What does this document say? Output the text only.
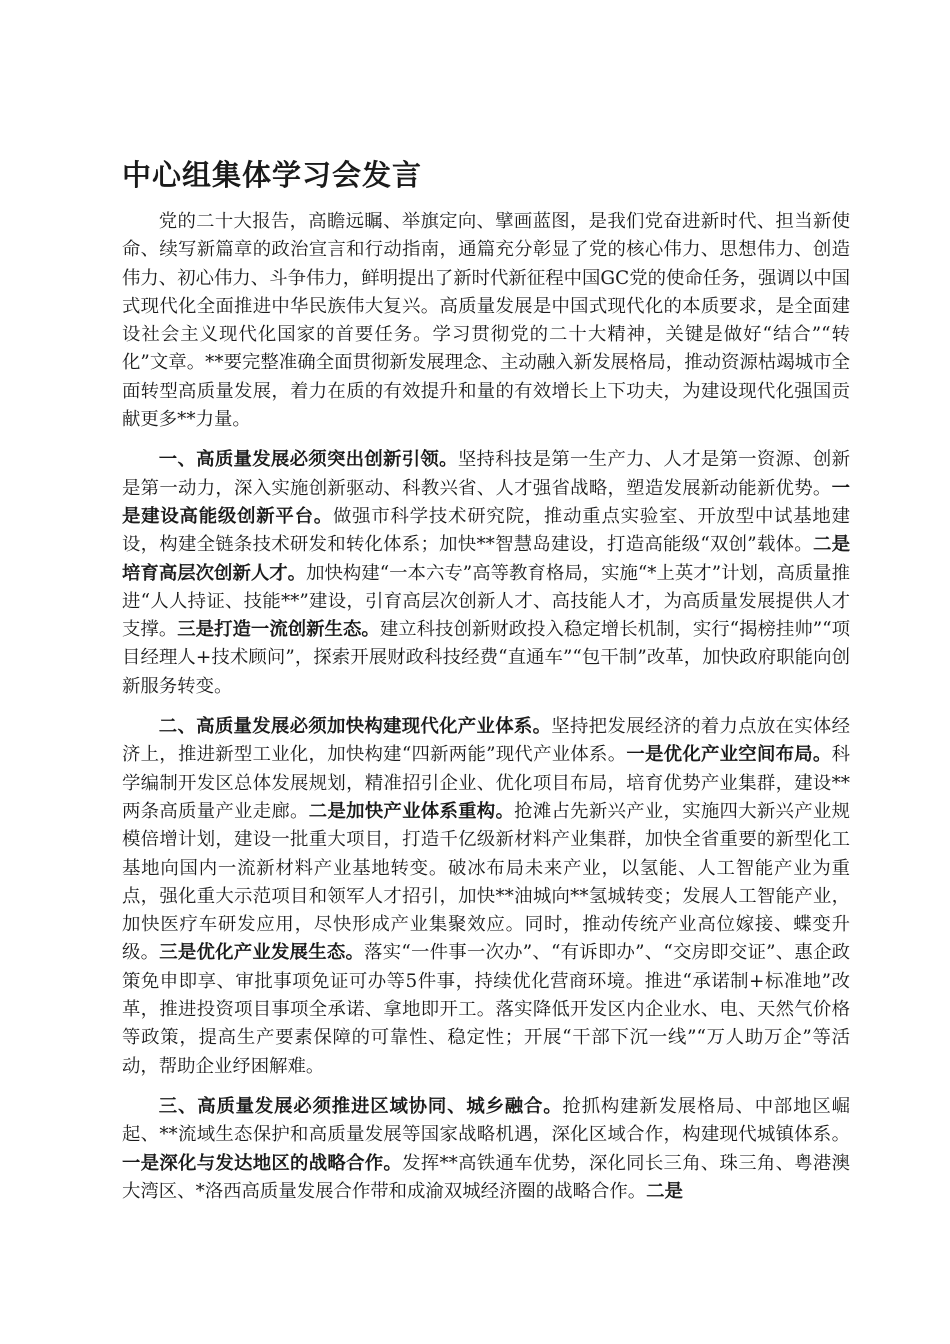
中心组集体学习会发言

党的二十大报告，高瞻远瞩、举旗定向、擘画蓝图，是我们党奋进新时代、担当新使命、续写新篇章的政治宣言和行动指南，通篇充分彰显了党的核心伟力、思想伟力、创造伟力、初心伟力、斗争伟力，鲜明提出了新时代新征程中国GC党的使命任务，强调以中国式现代化全面推进中华民族伟大复兴。高质量发展是中国式现代化的本质要求，是全面建设社会主义现代化国家的首要任务。学习贯彻党的二十大精神，关键是做好“结合”“转化”文章。**要完整准确全面贯彻新发展理念、主动融入新发展格局，推动资源枯竭城市全面转型高质量发展，着力在质的有效提升和量的有效增长上下功夫，为建设现代化强国贡献更多**力量。

一、高质量发展必须突出创新引领。坚持科技是第一生产力、人才是第一资源、创新是第一动力，深入实施创新驱动、科教兴省、人才强省战略，塑造发展新动能新优势。一是建设高能级创新平台。做强市科学技术研究院，推动重点实验室、开放型中试基地建设，构建全链条技术研发和转化体系；加快**智慧岛建设，打造高能级“双创”载体。二是培育高层次创新人才。加快构建“一本六专”高等教育格局，实施“*上英才”计划，高质量推进“人人持证、技能**”建设，引育高层次创新人才、高技能人才，为高质量发展提供人才支撑。三是打造一流创新生态。建立科技创新财政投入稳定增长机制，实行“揭榜挂帅”“项目经理人+技术顾问”，探索开展财政科技经费“直通车”“包干制”改革，加快政府职能向创新服务转变。

二、高质量发展必须加快构建现代化产业体系。坚持把发展经济的着力点放在实体经济上，推进新型工业化，加快构建“四新两能”现代产业体系。一是优化产业空间布局。科学编制开发区总体发展规划，精准招引企业、优化项目布局，培育优势产业集群，建设**两条高质量产业走廊。二是加快产业体系重构。抢滩占先新兴产业，实施四大新兴产业规模倍增计划，建设一批重大项目，打造千亿级新材料产业集群，加快全省重要的新型化工基地向国内一流新材料产业基地转变。破冰布局未来产业，以氢能、人工智能产业为重点，强化重大示范项目和领军人才招引，加快**油城向**氢城转变；发展人工智能产业，加快医疗车研发应用，尽快形成产业集聚效应。同时，推动传统产业高位嫁接、蝶变升级。三是优化产业发展生态。落实“一件事一次办”、“有诉即办”、“交房即交证”、惠企政策免申即享、审批事项免证可办等5件事，持续优化营商环境。推进“承诺制+标准地”改革，推进投资项目事项全承诺、拿地即开工。落实降低开发区内企业水、电、天然气价格等政策，提高生产要素保障的可靠性、稳定性；开展“干部下沉一线”“万人助万企”等活动，帮助企业纾困解难。

三、高质量发展必须推进区域协同、城乡融合。抢抓构建新发展格局、中部地区崛起、**流域生态保护和高质量发展等国家战略机遇，深化区域合作，构建现代城镇体系。一是深化与发达地区的战略合作。发挥**高铁通车优势，深化同长三角、珠三角、粤港澳大湾区、*洛西高质量发展合作带和成渝双城经济圈的战略合作。二是
